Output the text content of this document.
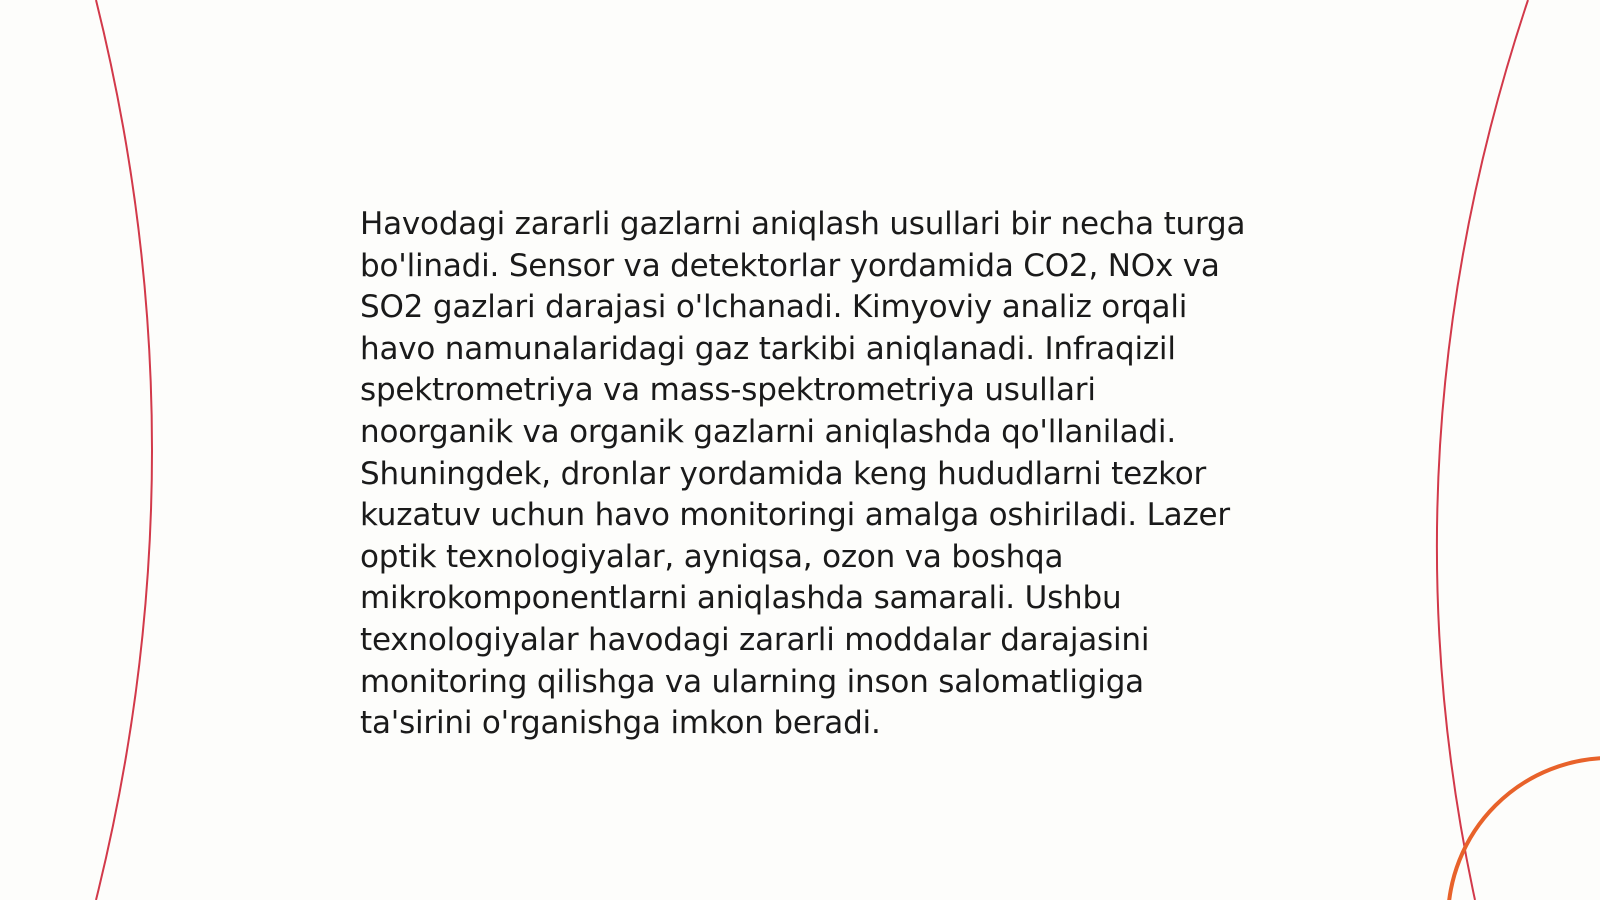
Havodagi zararli gazlarni aniqlash usullari bir necha turga bo'linadi. Sensor va detektorlar yordamida CO2, NOx va SO2 gazlari darajasi o'lchanadi. Kimyoviy analiz orqali havo namunalaridagi gaz tarkibi aniqlanadi. Infraqizil spektrometriya va mass-spektrometriya usullari noorganik va organik gazlarni aniqlashda qo'llaniladi. Shuningdek, dronlar yordamida keng hududlarni tezkor kuzatuv uchun havo monitoringi amalga oshiriladi. Lazer optik texnologiyalar, ayniqsa, ozon va boshqa mikrokomponentlarni aniqlashda samarali. Ushbu texnologiyalar havodagi zararli moddalar darajasini monitoring qilishga va ularning inson salomatligiga ta'sirini o'rganishga imkon beradi.
